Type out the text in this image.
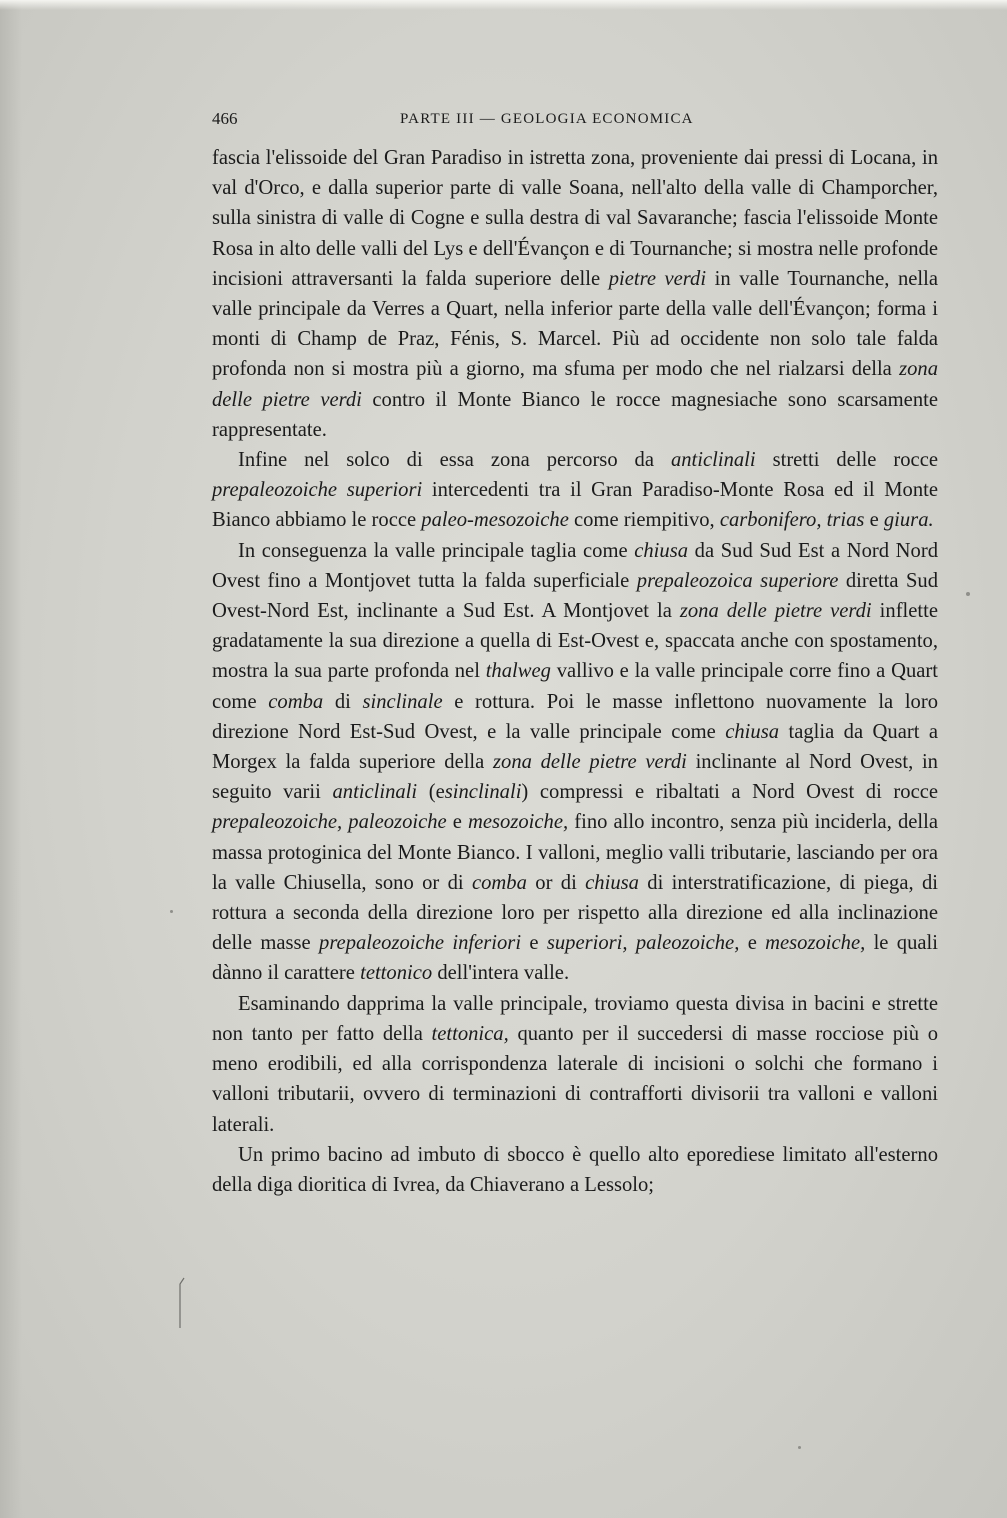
466	PARTE III — GEOLOGIA ECONOMICA

fascia l'elissoide del Gran Paradiso in istretta zona, proveniente dai pressi di Locana, in val d'Orco, e dalla superior parte di valle Soana, nell'alto della valle di Champorcher, sulla sinistra di valle di Cogne e sulla destra di val Savaranche; fascia l'elissoide Monte Rosa in alto delle valli del Lys e dell'Évançon e di Tournanche; si mostra nelle profonde incisioni attraversanti la falda superiore delle pietre verdi in valle Tournanche, nella valle principale da Verres a Quart, nella inferior parte della valle dell'Évançon; forma i monti di Champ de Praz, Fénis, S. Marcel. Più ad occidente non solo tale falda profonda non si mostra più a giorno, ma sfuma per modo che nel rialzarsi della zona delle pietre verdi contro il Monte Bianco le rocce magnesiache sono scarsamente rappresentate.

Infine nel solco di essa zona percorso da anticlinali stretti delle rocce prepaleozoiche superiori intercedenti tra il Gran Paradiso-Monte Rosa ed il Monte Bianco abbiamo le rocce paleo-mesozoiche come riempitivo, carbonifero, trias e giura.

In conseguenza la valle principale taglia come chiusa da Sud Sud Est a Nord Nord Ovest fino a Montjovet tutta la falda superficiale prepaleozoica superiore diretta Sud Ovest-Nord Est, inclinante a Sud Est. A Montjovet la zona delle pietre verdi inflette gradatamente la sua direzione a quella di Est-Ovest e, spaccata anche con spostamento, mostra la sua parte profonda nel thalweg vallivo e la valle principale corre fino a Quart come comba di sinclinale e rottura. Poi le masse inflettono nuovamente la loro direzione Nord Est-Sud Ovest, e la valle principale come chiusa taglia da Quart a Morgex la falda superiore della zona delle pietre verdi inclinante al Nord Ovest, in seguito varii anticlinali (esinclinali) compressi e ribaltati a Nord Ovest di rocce prepaleozoiche, paleozoiche e mesozoiche, fino allo incontro, senza più inciderla, della massa protoginica del Monte Bianco. I valloni, meglio valli tributarie, lasciando per ora la valle Chiusella, sono or di comba or di chiusa di interstratificazione, di piega, di rottura a seconda della direzione loro per rispetto alla direzione ed alla inclinazione delle masse prepaleozoiche inferiori e superiori, paleozoiche, e mesozoiche, le quali dànno il carattere tettonico dell'intera valle.

Esaminando dapprima la valle principale, troviamo questa divisa in bacini e strette non tanto per fatto della tettonica, quanto per il succedersi di masse rocciose più o meno erodibili, ed alla corrispondenza laterale di incisioni o solchi che formano i valloni tributarii, ovvero di terminazioni di contrafforti divisorii tra valloni e valloni laterali.

Un primo bacino ad imbuto di sbocco è quello alto eporediese limitato all'esterno della diga dioritica di Ivrea, da Chiaverano a Lessolo;
